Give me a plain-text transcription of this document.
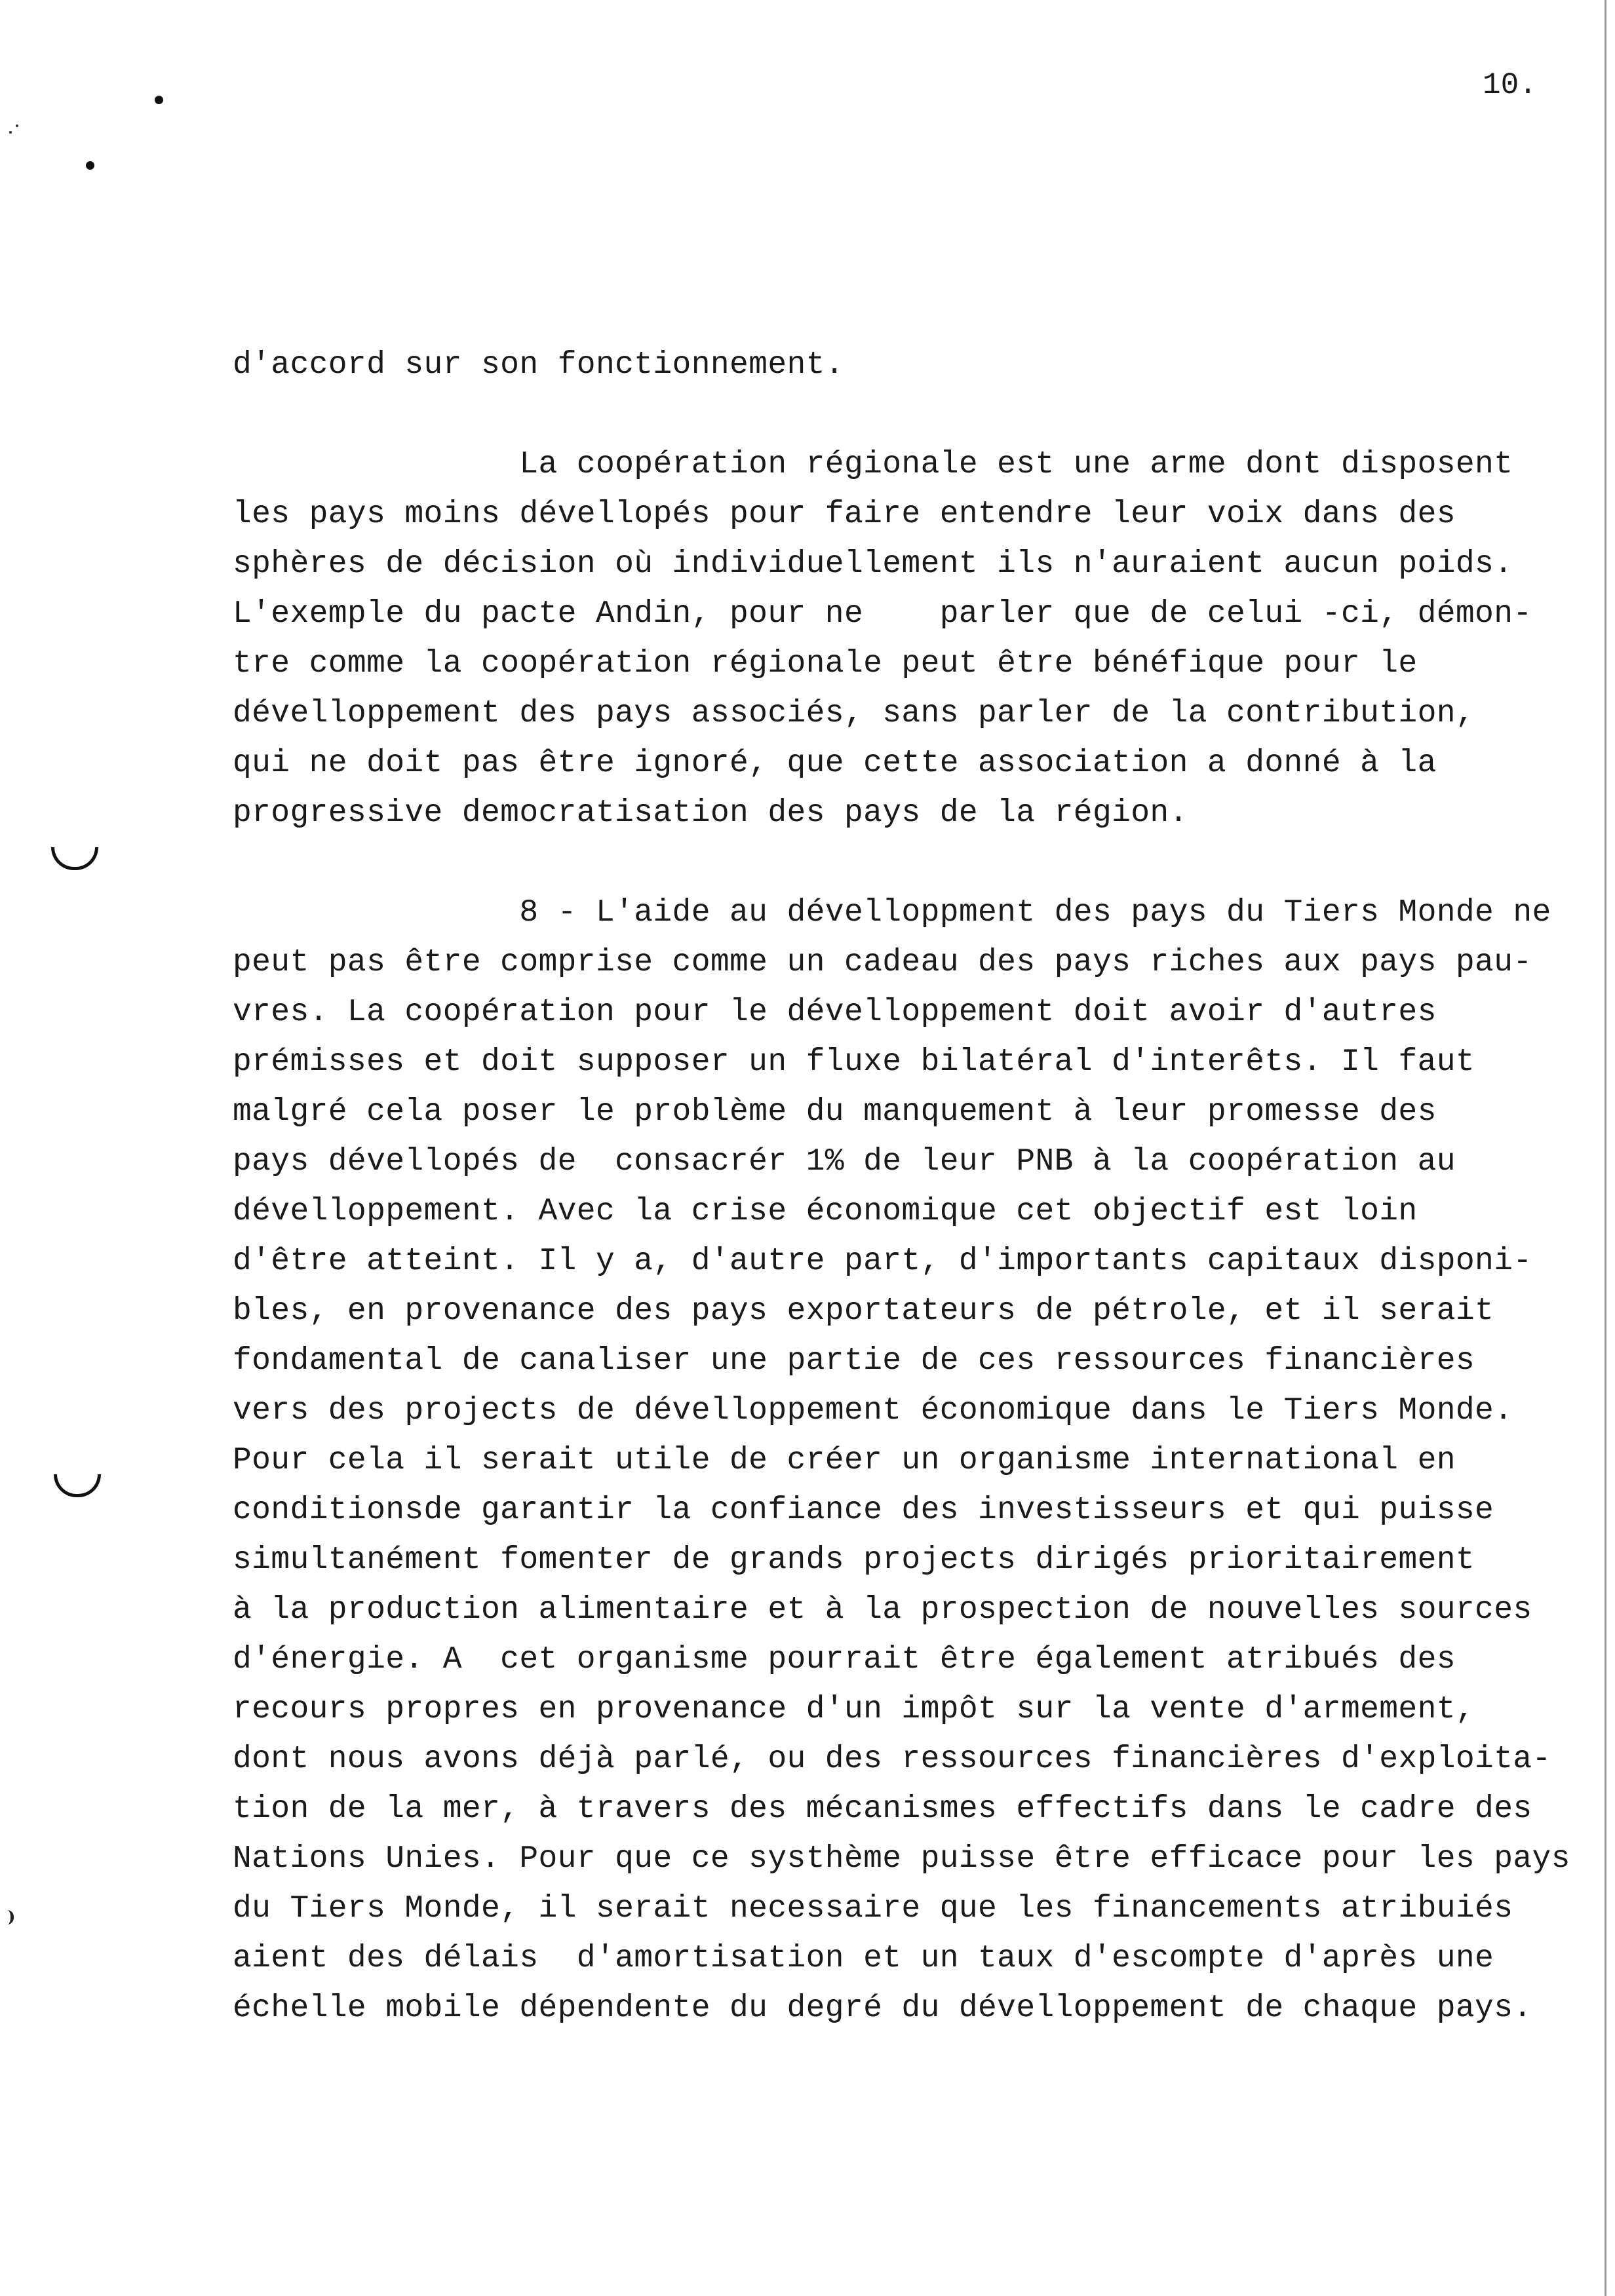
10.
d'accord sur son fonctionnement.
La coopération régionale est une arme dont disposent
les pays moins dévellopés pour faire entendre leur voix dans des
sphères de décision où individuellement ils n'auraient aucun poids.
L'exemple du pacte Andin, pour ne    parler que de celui -ci, démon-
tre comme la coopération régionale peut être bénéfique pour le
dévelloppement des pays associés, sans parler de la contribution,
qui ne doit pas être ignoré, que cette association a donné à la
progressive democratisation des pays de la région.
8 - L'aide au dévelloppment des pays du Tiers Monde ne
peut pas être comprise comme un cadeau des pays riches aux pays pau-
vres. La coopération pour le dévelloppement doit avoir d'autres
prémisses et doit supposer un fluxe bilatéral d'interêts. Il faut
malgré cela poser le problème du manquement à leur promesse des
pays dévellopés de  consacrér 1% de leur PNB à la coopération au
dévelloppement. Avec la crise économique cet objectif est loin
d'être atteint. Il y a, d'autre part, d'importants capitaux disponi-
bles, en provenance des pays exportateurs de pétrole, et il serait
fondamental de canaliser une partie de ces ressources financières
vers des projects de dévelloppement économique dans le Tiers Monde.
Pour cela il serait utile de créer un organisme international en
conditionsde garantir la confiance des investisseurs et qui puisse
simultanément fomenter de grands projects dirigés prioritairement
à la production alimentaire et à la prospection de nouvelles sources
d'énergie. A  cet organisme pourrait être également atribués des
recours propres en provenance d'un impôt sur la vente d'armement,
dont nous avons déjà parlé, ou des ressources financières d'exploita-
tion de la mer, à travers des mécanismes effectifs dans le cadre des
Nations Unies. Pour que ce systhème puisse être efficace pour les pays
du Tiers Monde, il serait necessaire que les financements atribuiés
aient des délais  d'amortisation et un taux d'escompte d'après une
échelle mobile dépendente du degré du dévelloppement de chaque pays.
